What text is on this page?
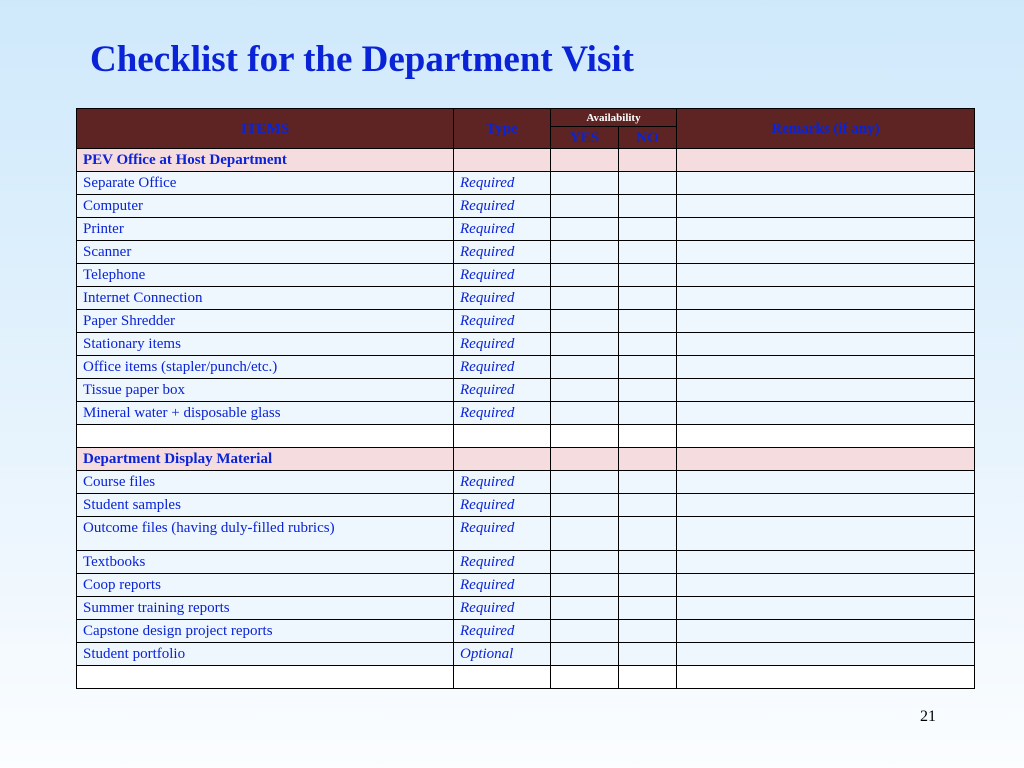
Checklist for the Department Visit
ITEMS	Type	Availability		Remarks (if any)
		YES	NO	
PEV Office at Host Department				
Separate Office	Required			
Computer	Required			
Printer	Required			
Scanner	Required			
Telephone	Required			
Internet Connection	Required			
Paper Shredder	Required			
Stationary items	Required			
Office items (stapler/punch/etc.)	Required			
Tissue paper box	Required			
Mineral water + disposable glass	Required			

Department Display Material				
Course files	Required			
Student samples	Required			
Outcome files (having duly-filled rubrics)	Required			
Textbooks	Required			
Coop reports	Required			
Summer training reports	Required			
Capstone design project reports	Required			
Student portfolio	Optional			

21
